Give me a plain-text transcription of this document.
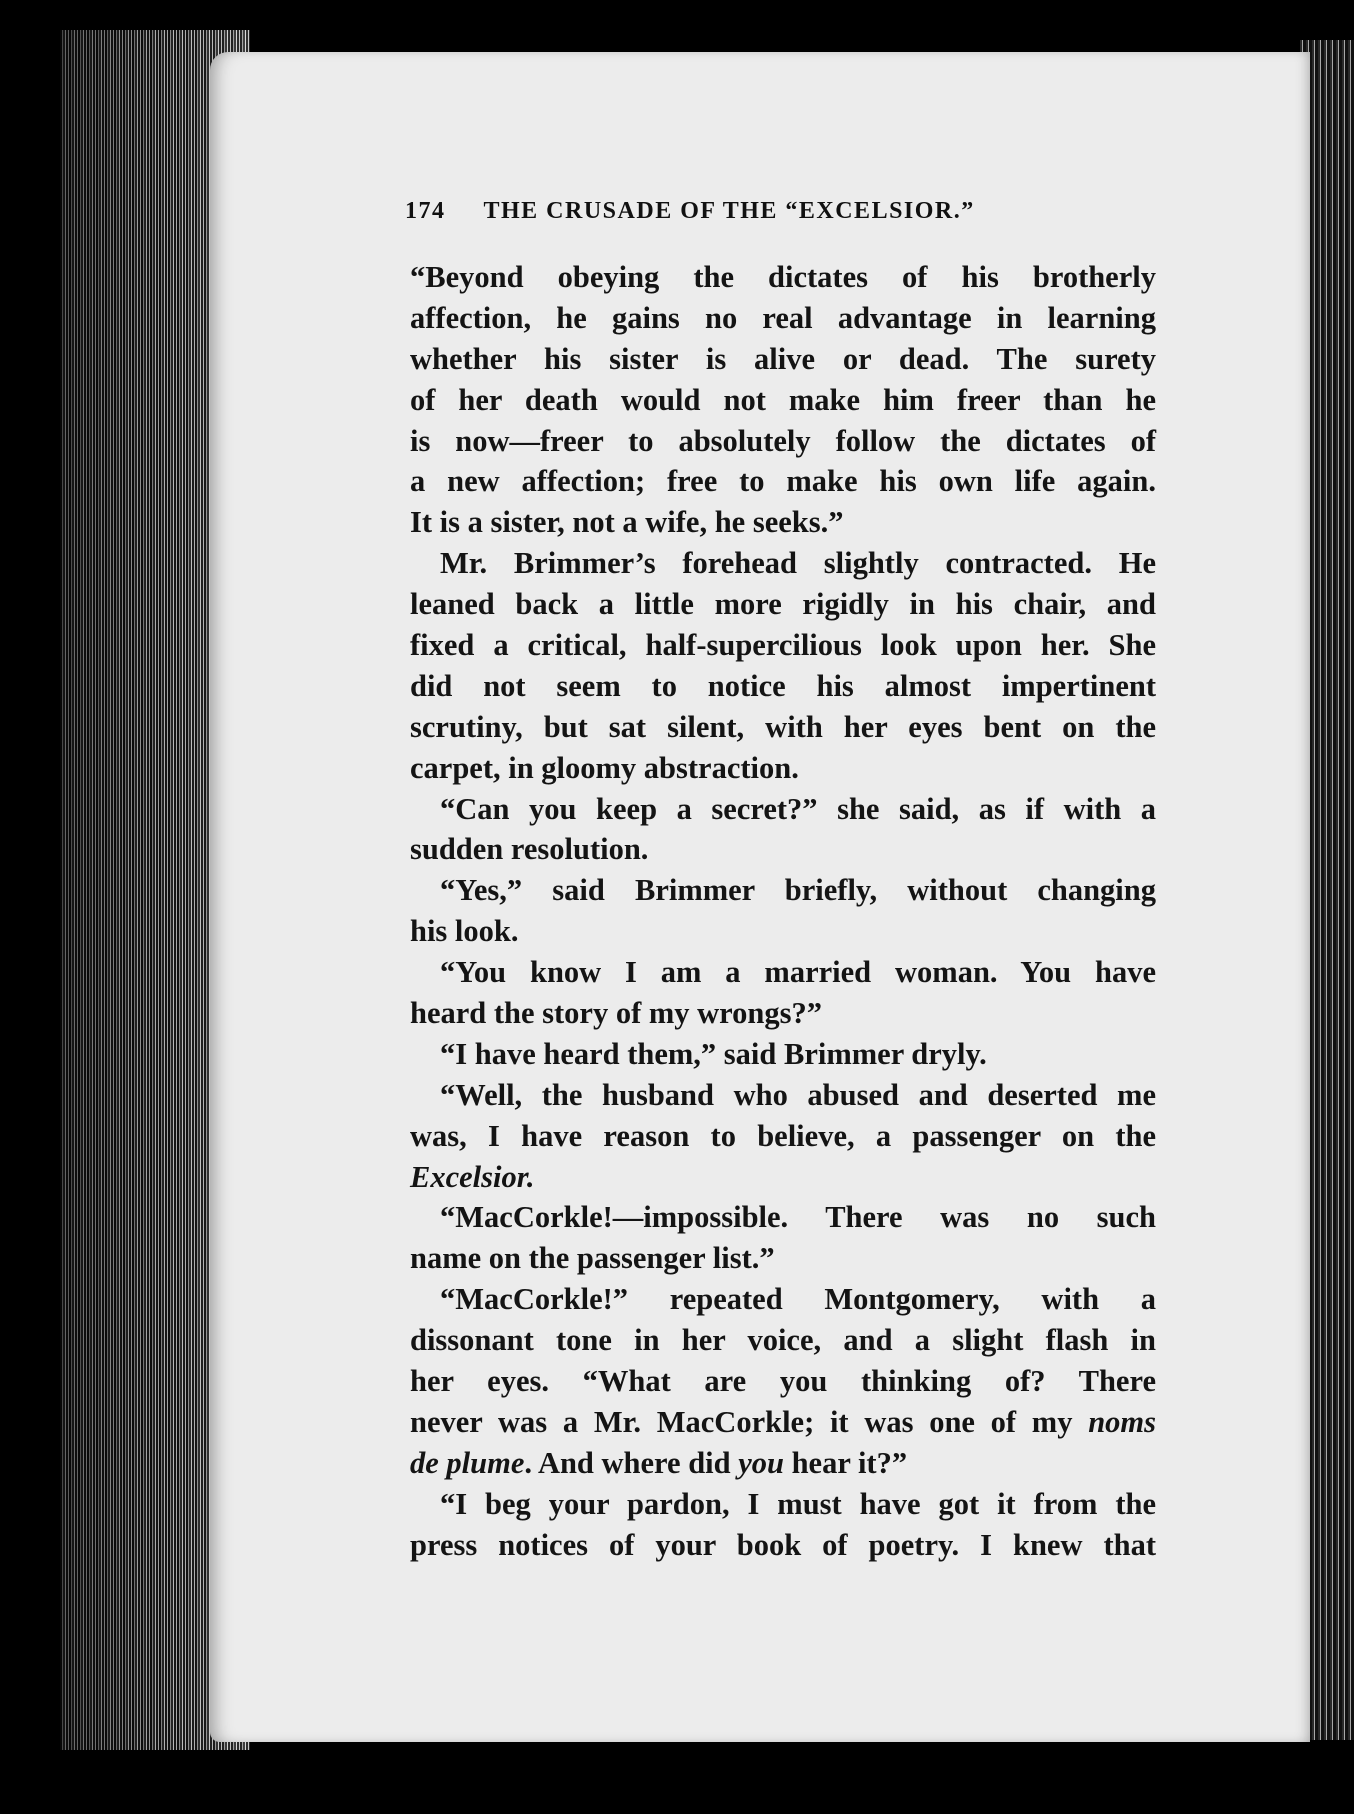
174 THE CRUSADE OF THE “EXCELSIOR.”
“Beyond obeying the dictates of his brotherly
affection, he gains no real advantage in learning
whether his sister is alive or dead. The surety
of her death would not make him freer than he
is now—freer to absolutely follow the dictates of
a new affection; free to make his own life again.
It is a sister, not a wife, he seeks.”
Mr. Brimmer’s forehead slightly contracted. He
leaned back a little more rigidly in his chair, and
fixed a critical, half-supercilious look upon her. She
did not seem to notice his almost impertinent
scrutiny, but sat silent, with her eyes bent on the
carpet, in gloomy abstraction.
“Can you keep a secret?” she said, as if with a
sudden resolution.
“Yes,” said Brimmer briefly, without changing
his look.
“You know I am a married woman. You have
heard the story of my wrongs?”
“I have heard them,” said Brimmer dryly.
“Well, the husband who abused and deserted me
was, I have reason to believe, a passenger on the
Excelsior.
“MacCorkle!—impossible. There was no such
name on the passenger list.”
“MacCorkle!” repeated Montgomery, with a
dissonant tone in her voice, and a slight flash in
her eyes. “What are you thinking of? There
never was a Mr. MacCorkle; it was one of my noms
de plume. And where did you hear it?”
“I beg your pardon, I must have got it from the
press notices of your book of poetry. I knew that
